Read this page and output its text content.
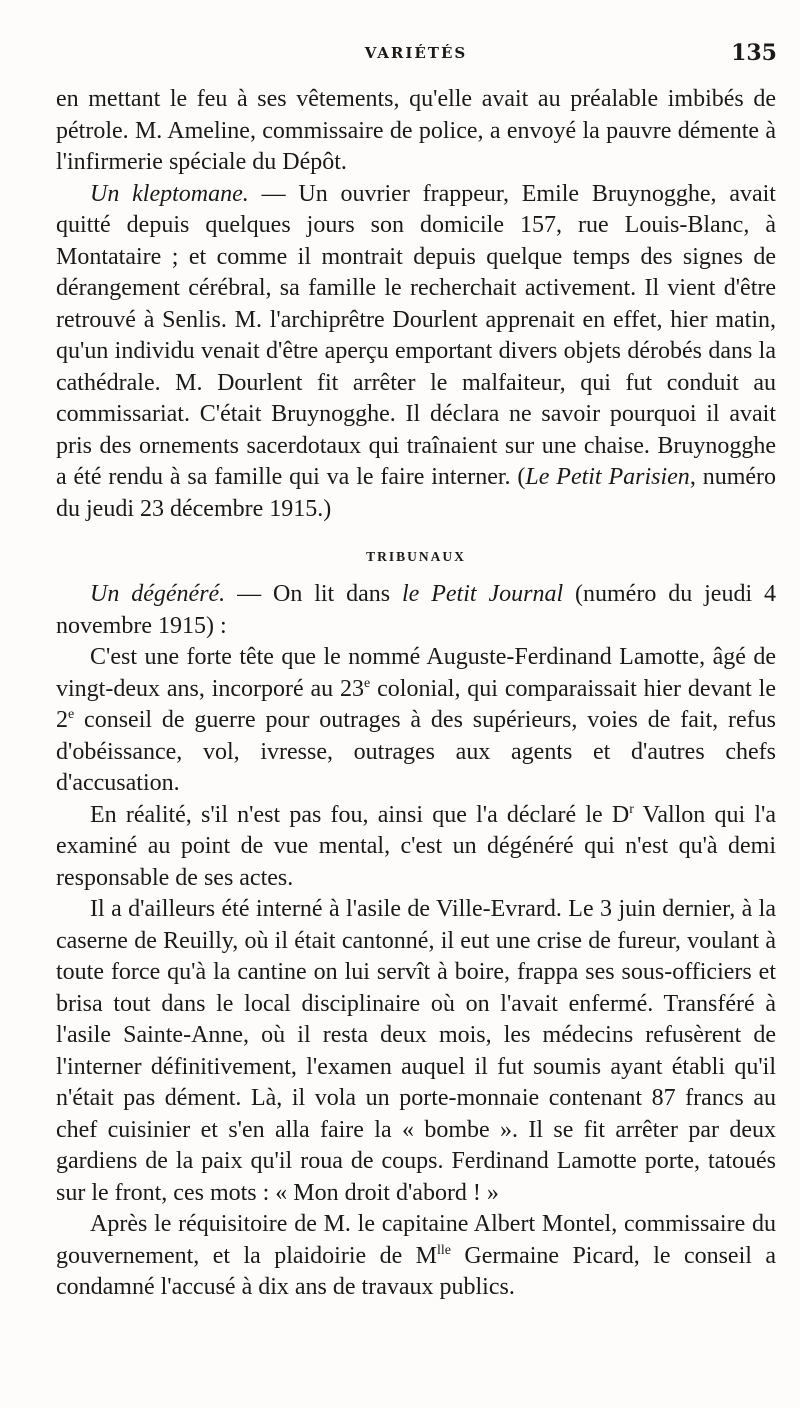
VARIÉTÉS	135

en mettant le feu à ses vêtements, qu'elle avait au préalable imbibés de pétrole. M. Ameline, commissaire de police, a envoyé la pauvre démente à l'infirmerie spéciale du Dépôt.

Un kleptomane. — Un ouvrier frappeur, Emile Bruynogghe, avait quitté depuis quelques jours son domicile 157, rue Louis-Blanc, à Montataire ; et comme il montrait depuis quelque temps des signes de dérangement cérébral, sa famille le recherchait activement. Il vient d'être retrouvé à Senlis. M. l'archiprêtre Dourlent apprenait en effet, hier matin, qu'un individu venait d'être aperçu emportant divers objets dérobés dans la cathédrale. M. Dourlent fit arrêter le malfaiteur, qui fut conduit au commissariat. C'était Bruynogghe. Il déclara ne savoir pourquoi il avait pris des ornements sacerdotaux qui traînaient sur une chaise. Bruynogghe a été rendu à sa famille qui va le faire interner. (Le Petit Parisien, numéro du jeudi 23 décembre 1915.)

TRIBUNAUX

Un dégénéré. — On lit dans le Petit Journal (numéro du jeudi 4 novembre 1915) :

C'est une forte tête que le nommé Auguste-Ferdinand Lamotte, âgé de vingt-deux ans, incorporé au 23e colonial, qui comparaissait hier devant le 2e conseil de guerre pour outrages à des supérieurs, voies de fait, refus d'obéissance, vol, ivresse, outrages aux agents et d'autres chefs d'accusation.

En réalité, s'il n'est pas fou, ainsi que l'a déclaré le $D^r$ Vallon qui l'a examiné au point de vue mental, c'est un dégénéré qui n'est qu'à demi responsable de ses actes.

Il a d'ailleurs été interné à l'asile de Ville-Evrard. Le 3 juin dernier, à la caserne de Reuilly, où il était cantonné, il eut une crise de fureur, voulant à toute force qu'à la cantine on lui servît à boire, frappa ses sous-officiers et brisa tout dans le local disciplinaire où on l'avait enfermé. Transféré à l'asile Sainte-Anne, où il resta deux mois, les médecins refusèrent de l'interner définitivement, l'examen auquel il fut soumis ayant établi qu'il n'était pas dément. Là, il vola un porte-monnaie contenant 87 francs au chef cuisinier et s'en alla faire la « bombe ». Il se fit arrêter par deux gardiens de la paix qu'il roua de coups. Ferdinand Lamotte porte, tatoués sur le front, ces mots : « Mon droit d'abord ! »

Après le réquisitoire de M. le capitaine Albert Montel, commissaire du gouvernement, et la plaidoirie de $M^{lle}$ Germaine Picard, le conseil a condamné l'accusé à dix ans de travaux publics.
